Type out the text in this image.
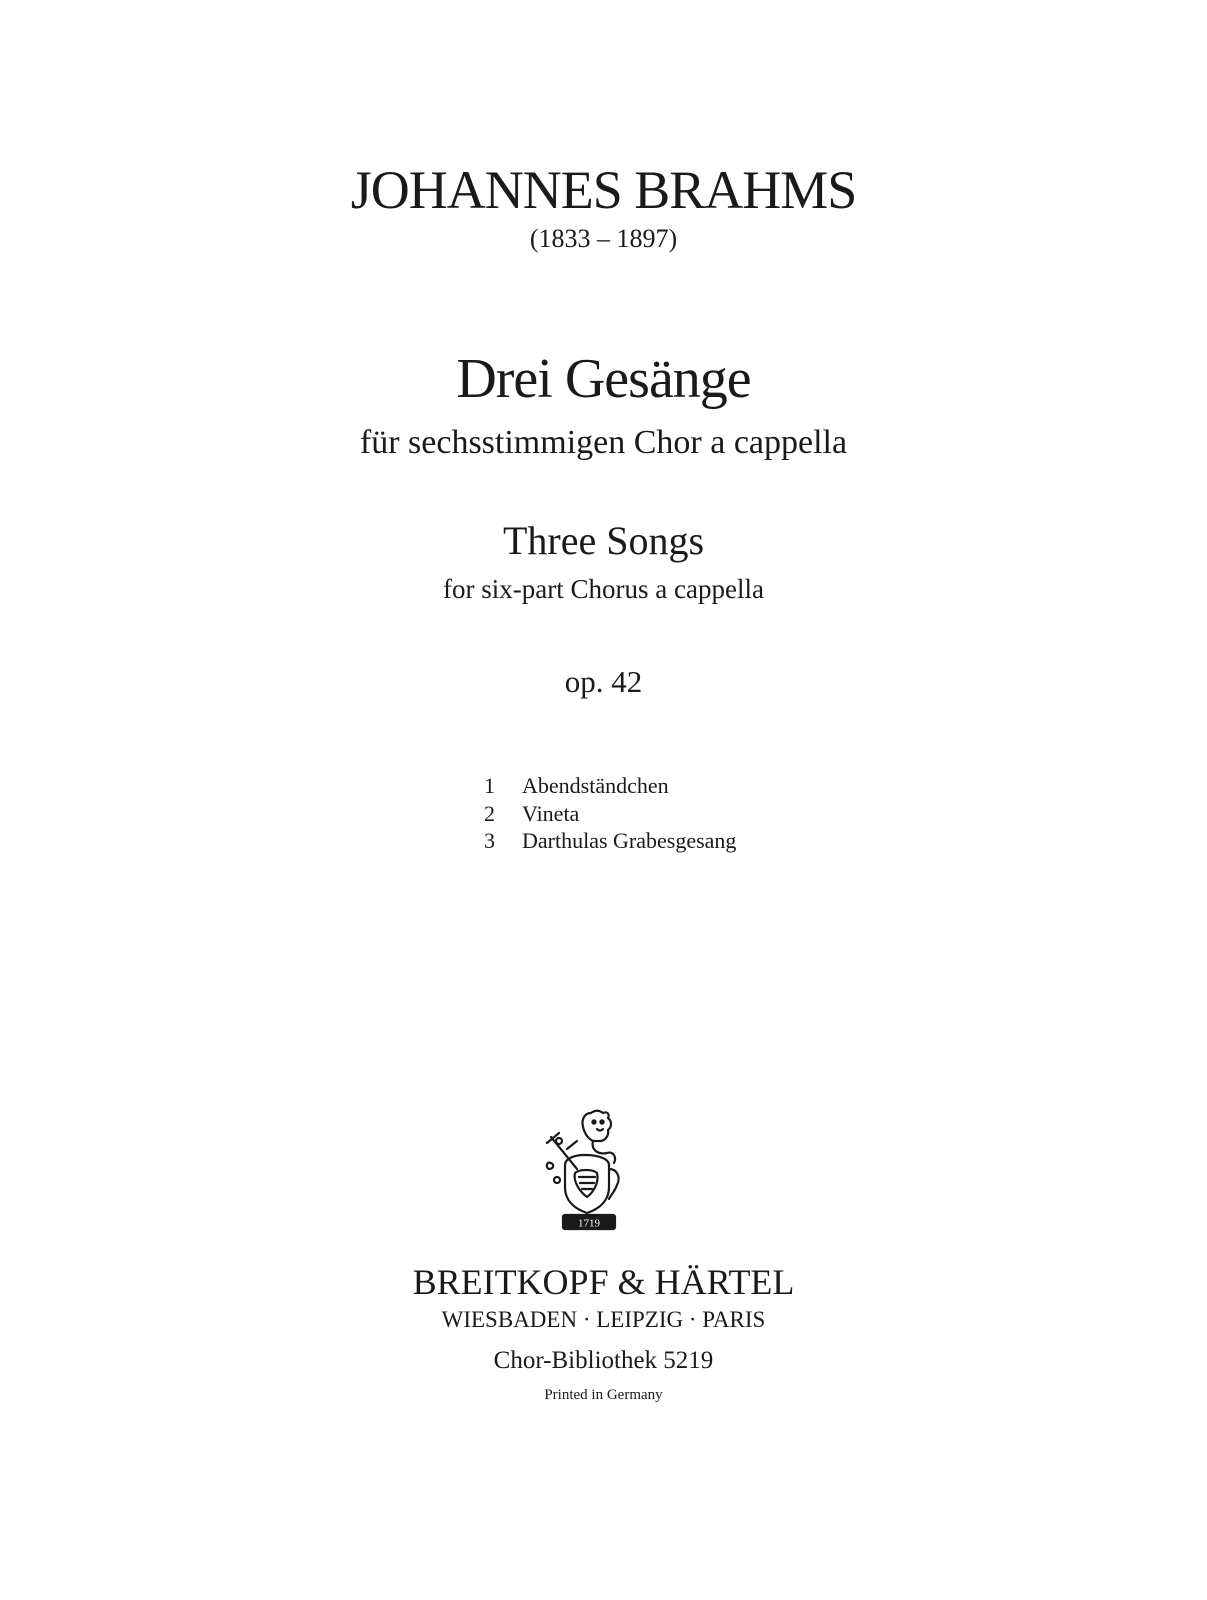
JOHANNES BRAHMS
(1833 – 1897)
Drei Gesänge
für sechsstimmigen Chor a cappella
Three Songs
for six-part Chorus a cappella
op. 42
1	Abendständchen
2	Vineta
3	Darthulas Grabesgesang
1719
BREITKOPF & HÄRTEL
WIESBADEN · LEIPZIG · PARIS
Chor-Bibliothek 5219
Printed in Germany
